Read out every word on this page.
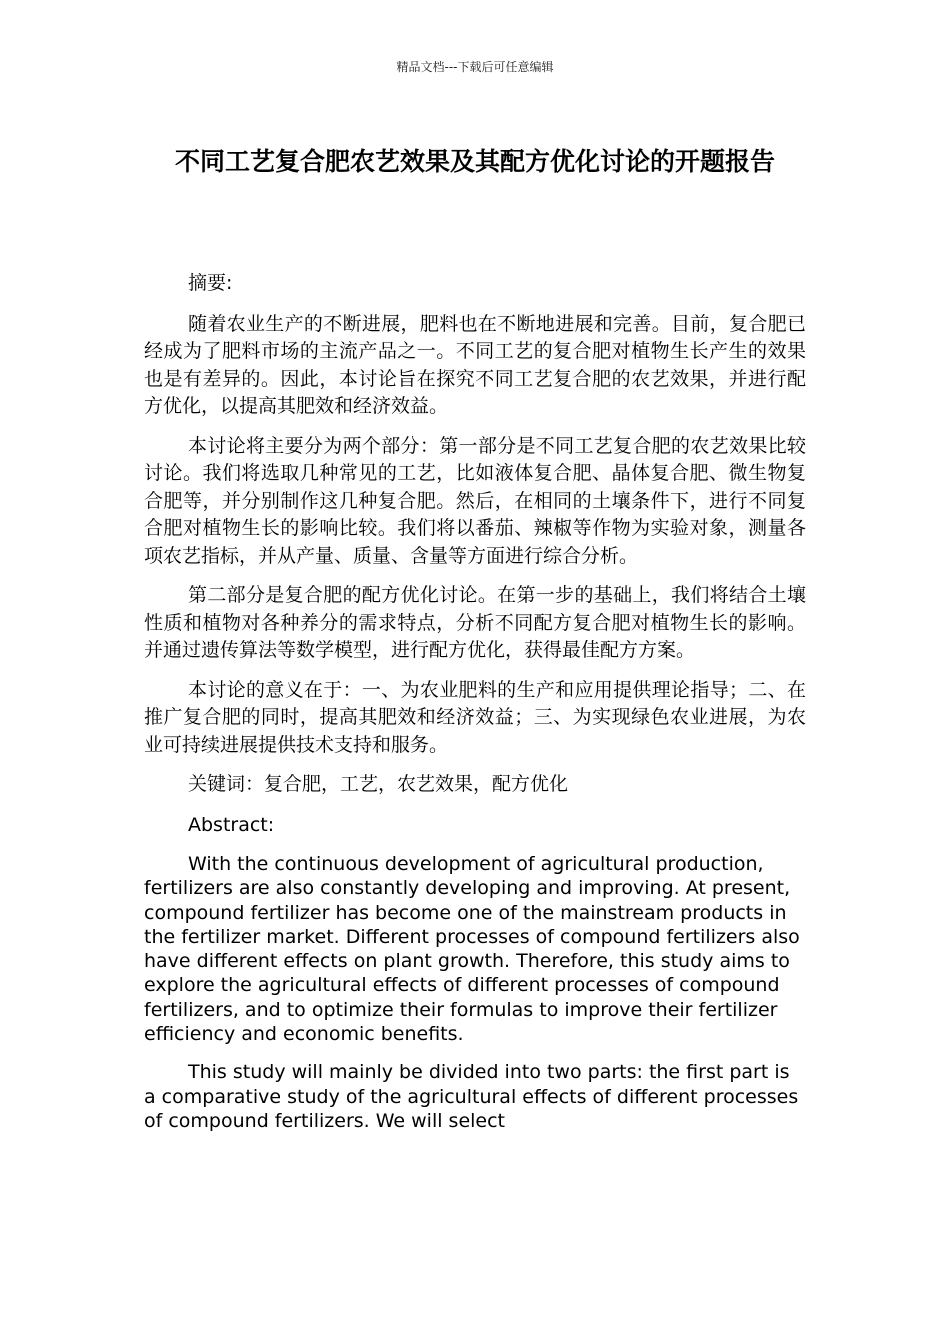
精品文档---下载后可任意编辑
不同工艺复合肥农艺效果及其配方优化讨论的开题报告

摘要:

随着农业生产的不断进展，肥料也在不断地进展和完善。目前，复合肥已经成为了肥料市场的主流产品之一。不同工艺的复合肥对植物生长产生的效果也是有差异的。因此，本讨论旨在探究不同工艺复合肥的农艺效果，并进行配方优化，以提高其肥效和经济效益。

本讨论将主要分为两个部分：第一部分是不同工艺复合肥的农艺效果比较讨论。我们将选取几种常见的工艺，比如液体复合肥、晶体复合肥、微生物复合肥等，并分别制作这几种复合肥。然后，在相同的土壤条件下，进行不同复合肥对植物生长的影响比较。我们将以番茄、辣椒等作物为实验对象，测量各项农艺指标，并从产量、质量、含量等方面进行综合分析。

第二部分是复合肥的配方优化讨论。在第一步的基础上，我们将结合土壤性质和植物对各种养分的需求特点，分析不同配方复合肥对植物生长的影响。并通过遗传算法等数学模型，进行配方优化，获得最佳配方方案。

本讨论的意义在于：一、为农业肥料的生产和应用提供理论指导；二、在推广复合肥的同时，提高其肥效和经济效益；三、为实现绿色农业进展，为农业可持续进展提供技术支持和服务。

关键词：复合肥，工艺，农艺效果，配方优化

Abstract:

With the continuous development of agricultural production, fertilizers are also constantly developing and improving. At present, compound fertilizer has become one of the mainstream products in the fertilizer market. Different processes of compound fertilizers also have different effects on plant growth. Therefore, this study aims to explore the agricultural effects of different processes of compound fertilizers, and to optimize their formulas to improve their fertilizer efficiency and economic benefits.

This study will mainly be divided into two parts: the first part is a comparative study of the agricultural effects of different processes of compound fertilizers. We will select
